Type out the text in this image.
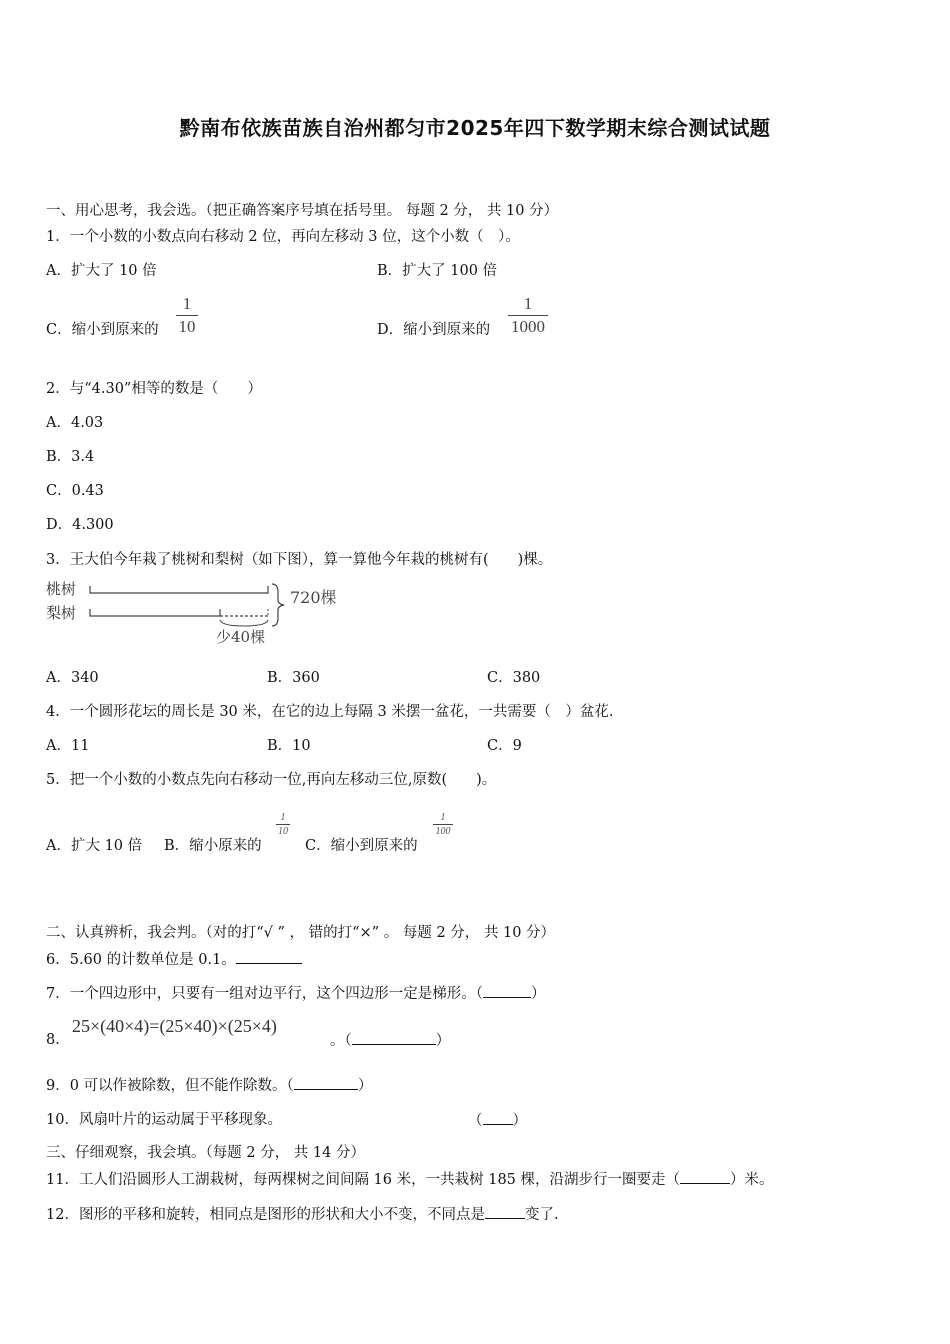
黔南布依族苗族自治州都匀市2025年四下数学期末综合测试试题
一、用心思考，我会选。（把正确答案序号填在括号里。 每题 2 分， 共 10 分）
1．一个小数的小数点向右移动 2 位，再向左移动 3 位，这个小数（　）。
A．扩大了 10 倍	B．扩大了 100 倍
C．缩小到原来的
1
10	D．缩小到原来的
1
1000
2．与“4.30”相等的数是（　　）
A．4.03
B．3.4
C．0.43
D．4.300
3．王大伯今年栽了桃树和梨树（如下图），算一算他今年栽的桃树有(　　)棵。
桃树
梨树
720棵
少40棵
A．340	B．360	C．380
4．一个圆形花坛的周长是 30 米，在它的边上每隔 3 米摆一盆花，一共需要（　）盆花.
A．11	B．10	C．9
5．把一个小数的小数点先向右移动一位,再向左移动三位,原数(　　)。
A．扩大 10 倍 B．缩小原来的
1
10
C．缩小到原来的
1
100
二、认真辨析，我会判。（对的打“√ ” ， 错的打“×” 。 每题 2 分， 共 10 分）
6．5.60 的计数单位是 0.1。
7．一个四边形中，只要有一组对边平行，这个四边形一定是梯形。（	）
8．
25×(40×4)=(25×40)×(25×4)
。（	）
9．0 可以作被除数，但不能作除数。（	）
10．风扇叶片的运动属于平移现象。	（ ）
三、仔细观察，我会填。（每题 2 分， 共 14 分）
11．工人们沿圆形人工湖栽树，每两棵树之间间隔 16 米，一共栽树 185 棵，沿湖步行一圈要走（	）米。
12．图形的平移和旋转，相同点是图形的形状和大小不变，不同点是	变了.
